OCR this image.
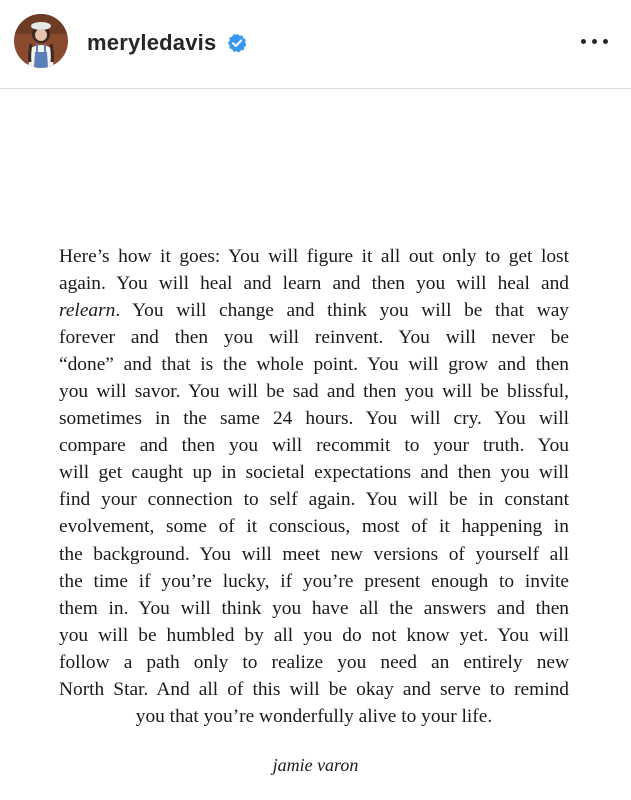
meryledavis

Here’s how it goes: You will figure it all out only to get lost
again. You will heal and learn and then you will heal and
relearn. You will change and think you will be that way
forever and then you will reinvent. You will never be
“done” and that is the whole point. You will grow and then
you will savor. You will be sad and then you will be blissful,
sometimes in the same 24 hours. You will cry. You will
compare and then you will recommit to your truth. You
will get caught up in societal expectations and then you will
find your connection to self again. You will be in constant
evolvement, some of it conscious, most of it happening in
the background. You will meet new versions of yourself all
the time if you’re lucky, if you’re present enough to invite
them in. You will think you have all the answers and then
you will be humbled by all you do not know yet. You will
follow a path only to realize you need an entirely new
North Star. And all of this will be okay and serve to remind
you that you’re wonderfully alive to your life.

jamie varon
